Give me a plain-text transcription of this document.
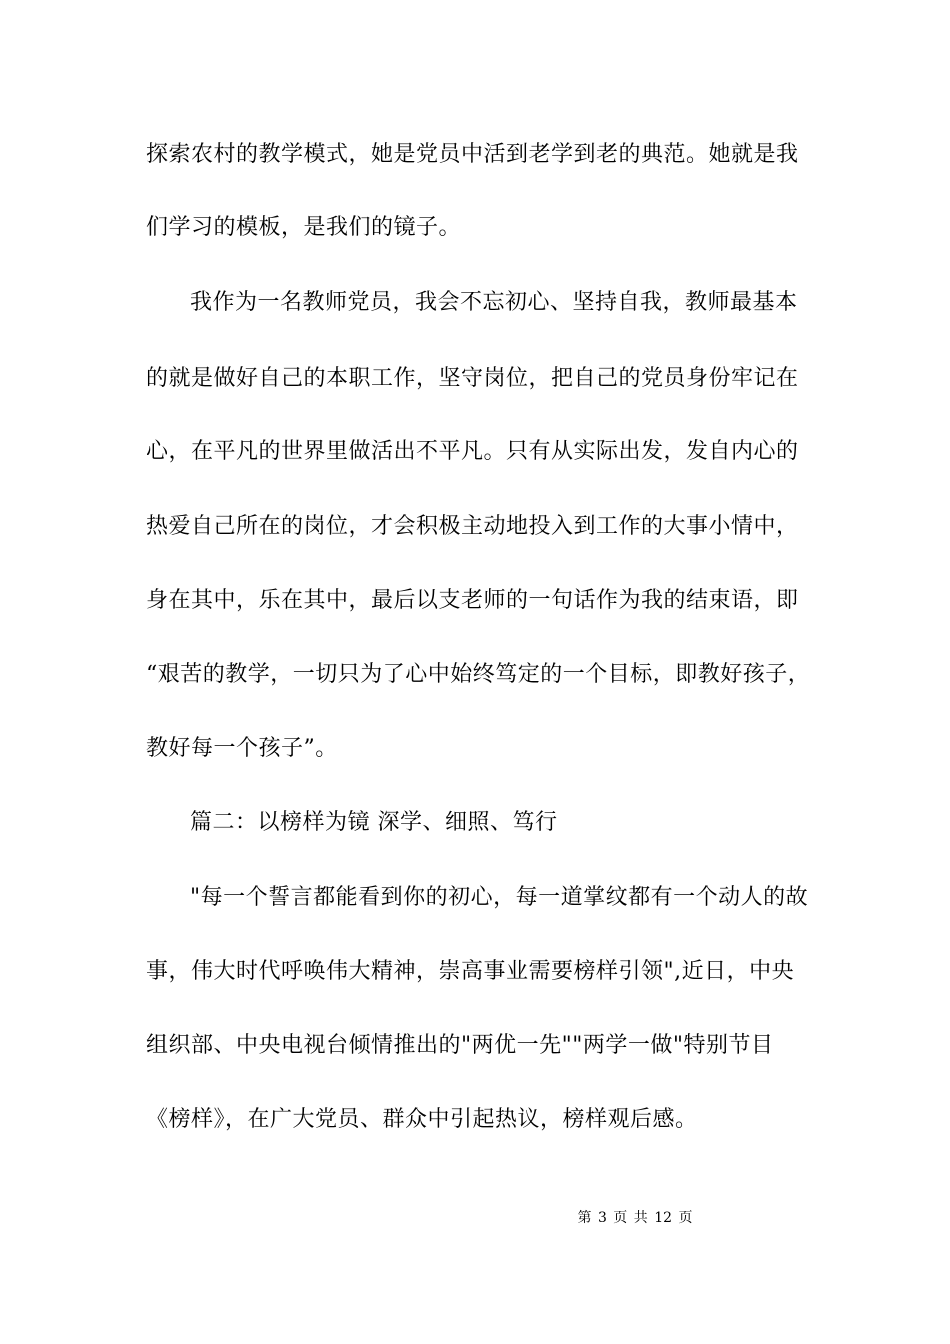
探索农村的教学模式，她是党员中活到老学到老的典范。她就是我
们学习的模板，是我们的镜子。
我作为一名教师党员，我会不忘初心、坚持自我，教师最基本
的就是做好自己的本职工作，坚守岗位，把自己的党员身份牢记在
心，在平凡的世界里做活出不平凡。只有从实际出发，发自内心的
热爱自己所在的岗位，才会积极主动地投入到工作的大事小情中，
身在其中，乐在其中，最后以支老师的一句话作为我的结束语，即
“艰苦的教学，一切只为了心中始终笃定的一个目标，即教好孩子，
教好每一个孩子”。
篇二：以榜样为镜 深学、细照、笃行
"每一个誓言都能看到你的初心，每一道掌纹都有一个动人的故
事，伟大时代呼唤伟大精神，崇高事业需要榜样引领",近日，中央
组织部、中央电视台倾情推出的"两优一先""两学一做"特别节目
《榜样》，在广大党员、群众中引起热议，榜样观后感。
第 3 页 共 12 页
